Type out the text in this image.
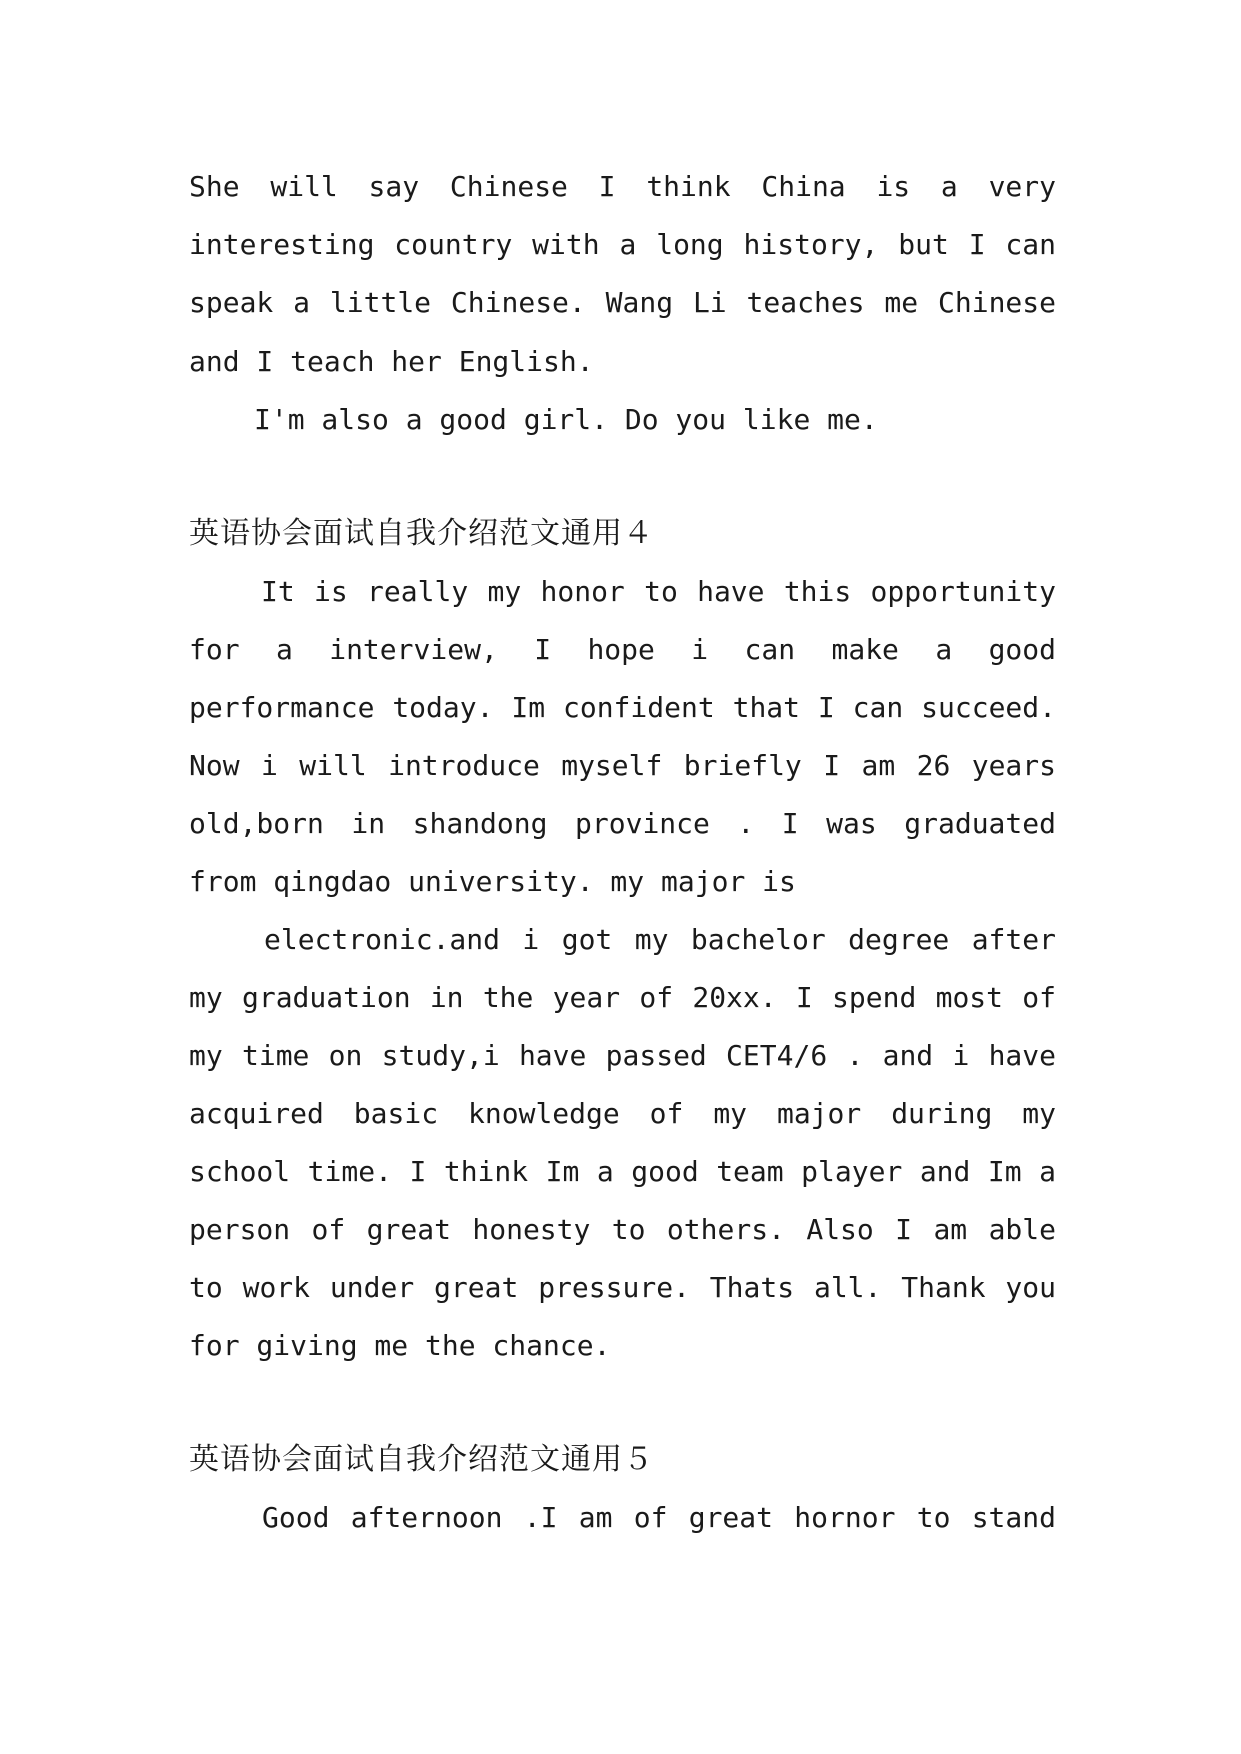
She will say Chinese I think China is a very
interesting country with a long history, but I can
speak a little Chinese. Wang Li teaches me Chinese
and I teach her English.
I'm also a good girl. Do you like me.
英语协会面试自我介绍范文通用４
It is really my honor to have this opportunity
for a interview, I hope i can make a good
performance today. Im confident that I can succeed.
Now i will introduce myself briefly I am 26 years
old,born in shandong province . I was graduated
from qingdao university. my major is
electronic.and i got my bachelor degree after
my graduation in the year of 20xx. I spend most of
my time on study,i have passed CET4/6 . and i have
acquired basic knowledge of my major during my
school time. I think Im a good team player and Im a
person of great honesty to others. Also I am able
to work under great pressure. Thats all. Thank you
for giving me the chance.
英语协会面试自我介绍范文通用５
Good afternoon .I am of great hornor to stand
